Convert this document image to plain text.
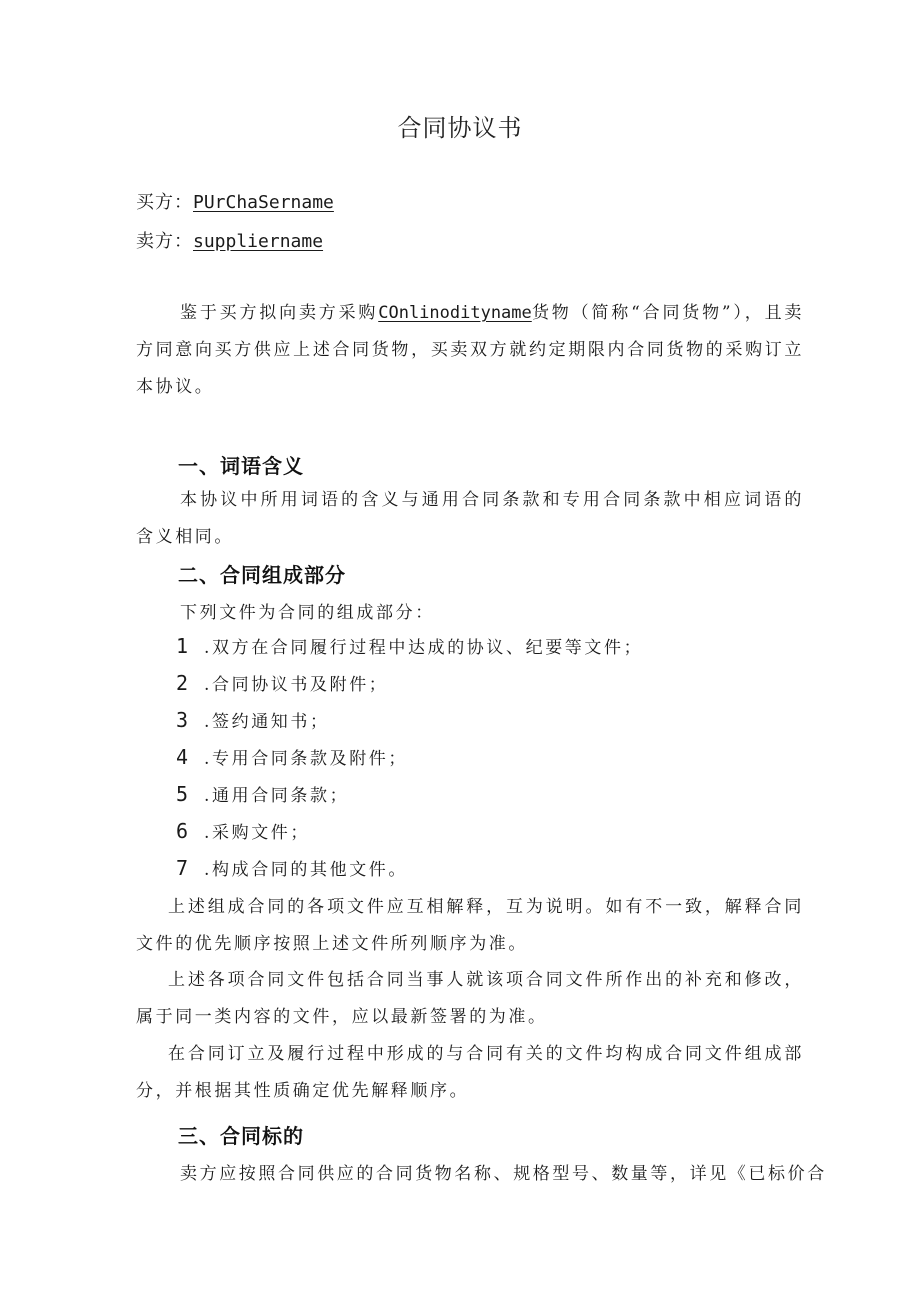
合同协议书
买方：PUrChaSername
卖方：suppliername
鉴于买方拟向卖方采购COnlinodityname货物（简称“合同货物”），且卖方同意向买方供应上述合同货物，买卖双方就约定期限内合同货物的采购订立本协议。
一、词语含义
本协议中所用词语的含义与通用合同条款和专用合同条款中相应词语的含义相同。
二、合同组成部分
下列文件为合同的组成部分：
1 .双方在合同履行过程中达成的协议、纪要等文件；
2 .合同协议书及附件；
3 .签约通知书；
4 .专用合同条款及附件；
5 .通用合同条款；
6 .采购文件；
7 .构成合同的其他文件。
上述组成合同的各项文件应互相解释，互为说明。如有不一致，解释合同文件的优先顺序按照上述文件所列顺序为准。
上述各项合同文件包括合同当事人就该项合同文件所作出的补充和修改，属于同一类内容的文件，应以最新签署的为准。
在合同订立及履行过程中形成的与合同有关的文件均构成合同文件组成部分，并根据其性质确定优先解释顺序。
三、合同标的
卖方应按照合同供应的合同货物名称、规格型号、数量等，详见《已标价合
